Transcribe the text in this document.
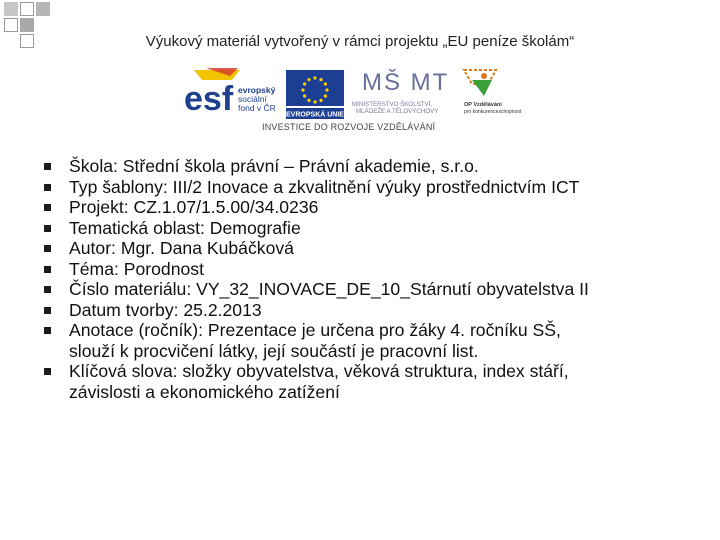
Výukový materiál vytvořený v rámci projektu „EU peníze školám“
esf evropský
sociální
fond v ČR
EVROPSKÁ UNIE
MŠ MT
MINISTERSTVO ŠKOLSTVÍ,
MLÁDEŽE A TĚLOVÝCHOVY
OP Vzdělávání
pro konkurenceschopnost
INVESTICE DO ROZVOJE VZDĚLÁVÁNÍ
Škola: Střední škola právní – Právní akademie, s.r.o.
Typ šablony: III/2 Inovace a zkvalitnění výuky prostřednictvím ICT
Projekt: CZ.1.07/1.5.00/34.0236
Tematická oblast: Demografie
Autor: Mgr. Dana Kubáčková
Téma: Porodnost
Číslo materiálu: VY_32_INOVACE_DE_10_Stárnutí obyvatelstva II
Datum tvorby: 25.2.2013
Anotace (ročník): Prezentace je určena pro žáky 4. ročníku SŠ,
slouží k procvičení látky, její součástí je pracovní list.
Klíčová slova: složky obyvatelstva, věková struktura, index stáří,
závislosti a ekonomického zatížení
